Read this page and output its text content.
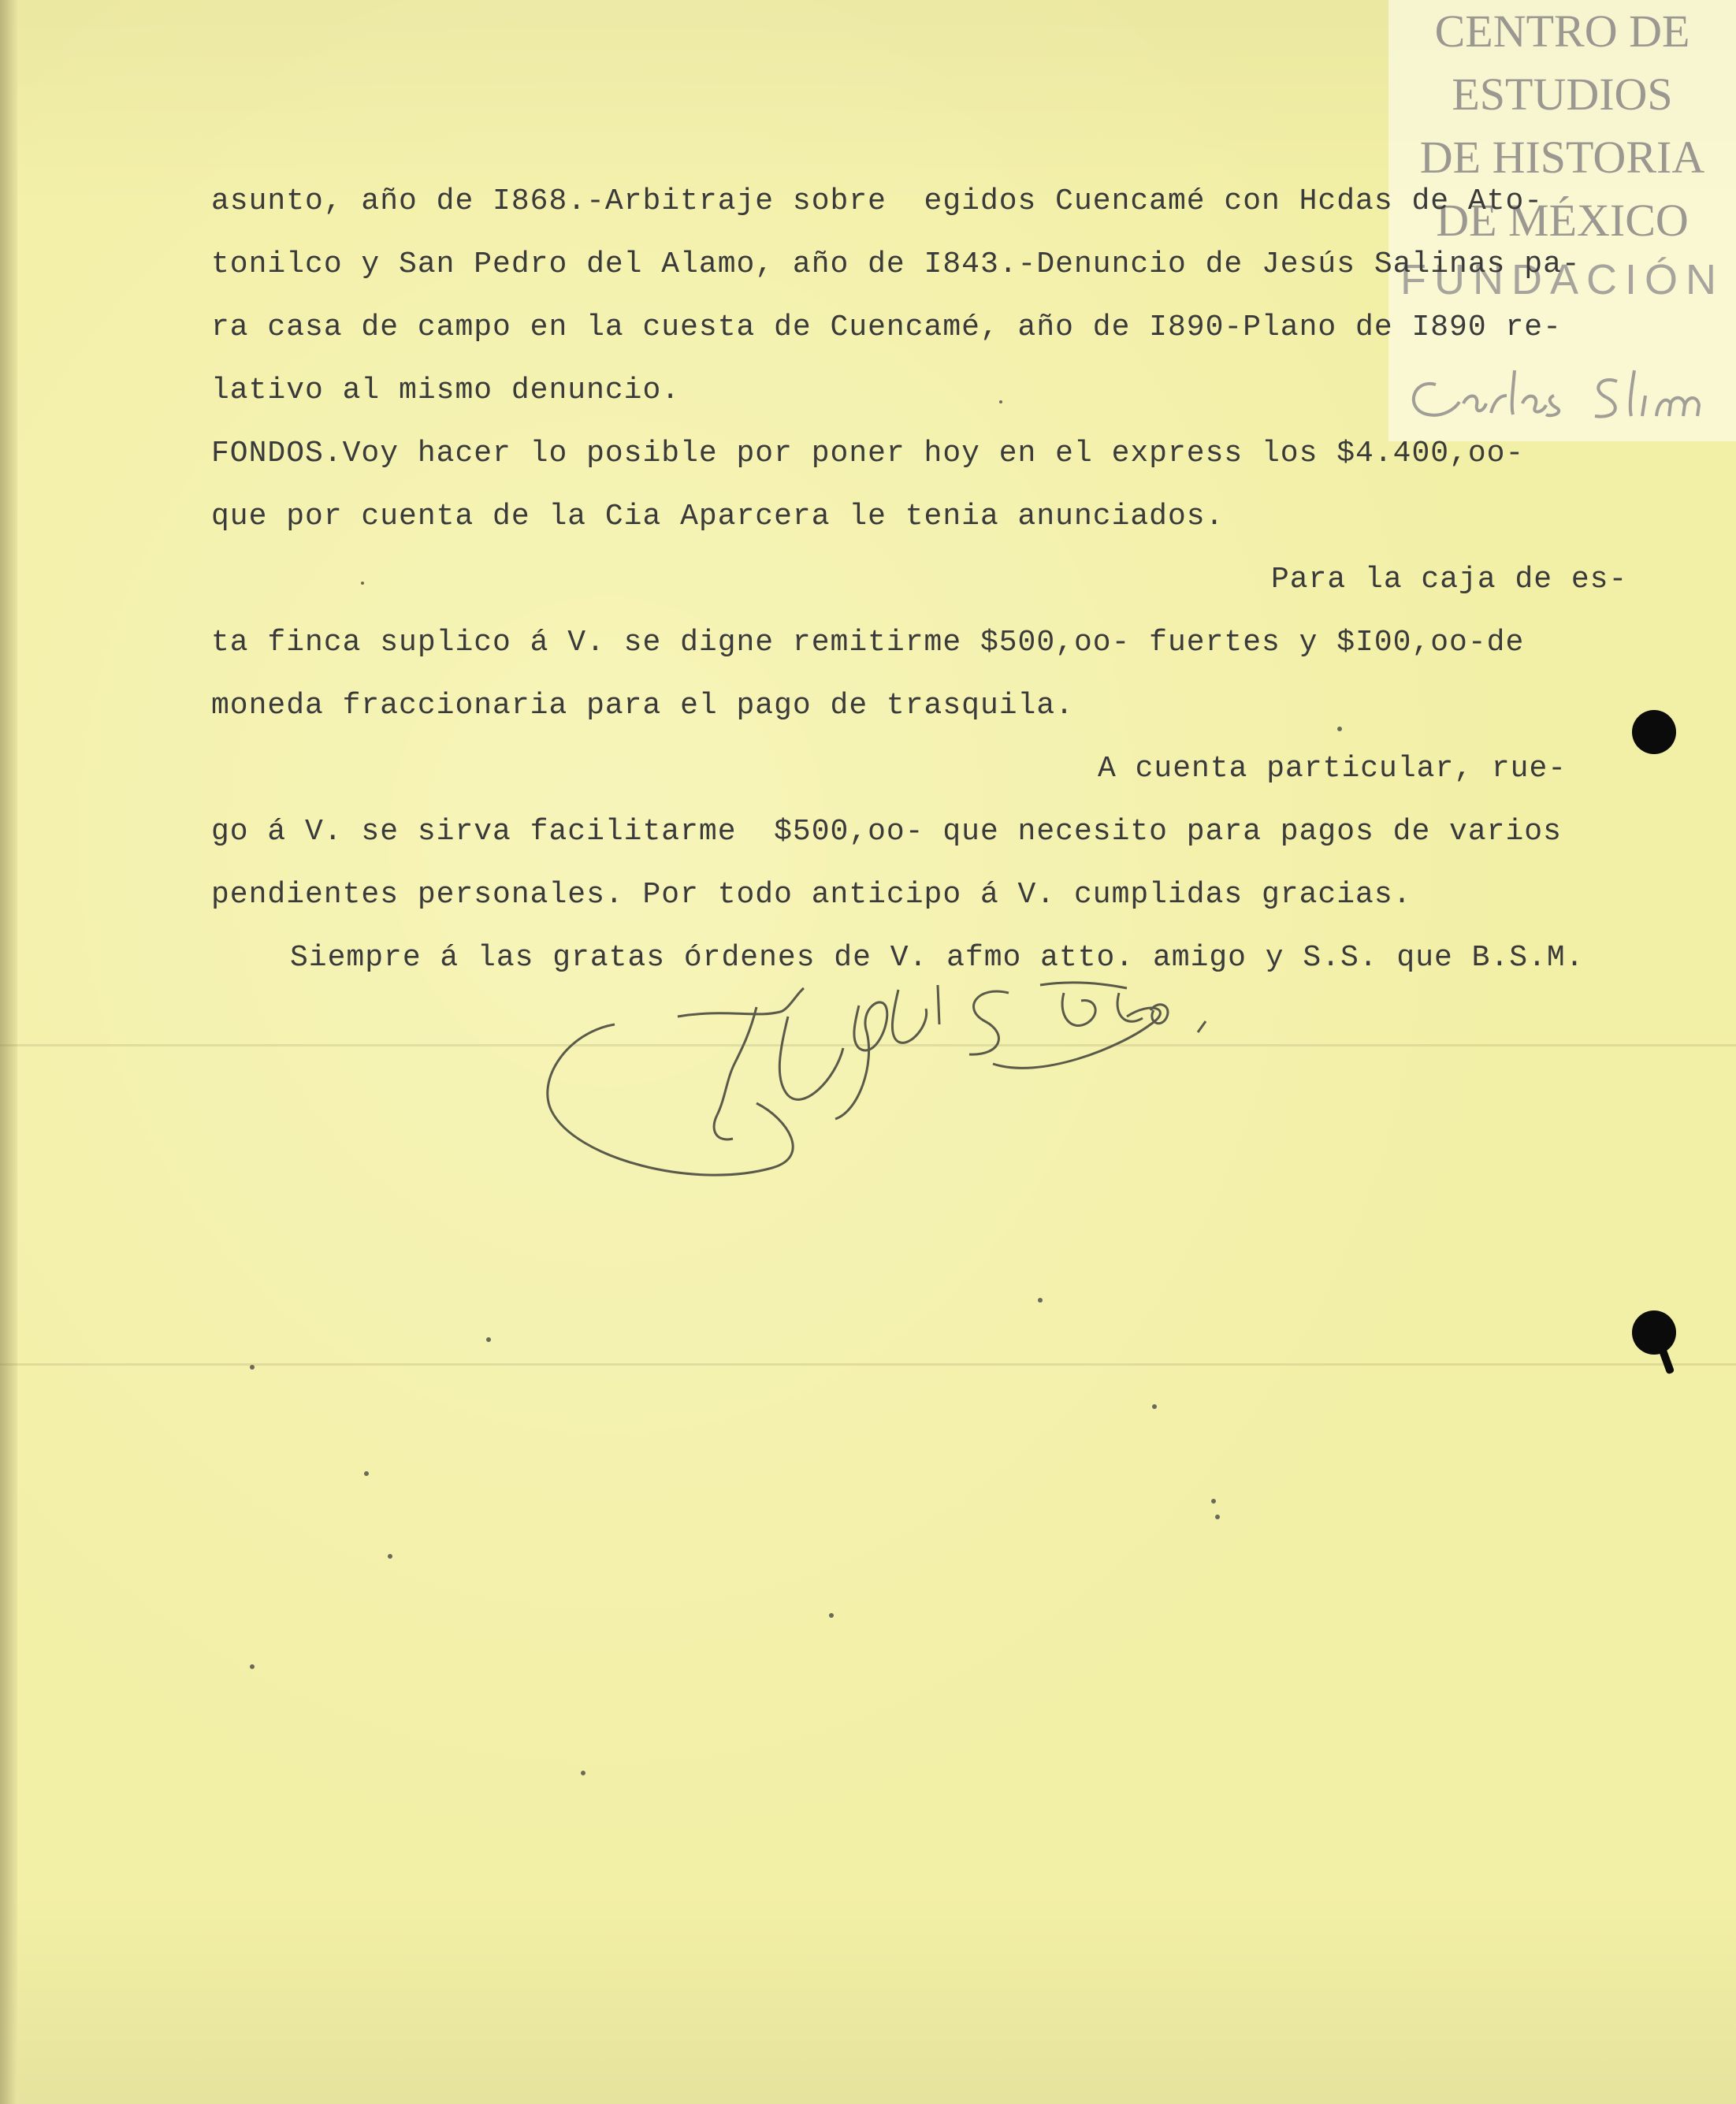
CENTRO DE
ESTUDIOS
DE HISTORIA
DE MÉXICO
FUNDACIÓN
asunto, año de I868.-Arbitraje sobre  egidos Cuencamé con Hcdas de Ato-
tonilco y San Pedro del Alamo, año de I843.-Denuncio de Jesús Salinas pa-
ra casa de campo en la cuesta de Cuencamé, año de I890-Plano de I890 re-
lativo al mismo denuncio.
FONDOS.Voy hacer lo posible por poner hoy en el express los $4.400,oo-
que por cuenta de la Cia Aparcera le tenia anunciados.
Para la caja de es-
ta finca suplico á V. se digne remitirme $500,oo- fuertes y $I00,oo-de
moneda fraccionaria para el pago de trasquila.
A cuenta particular, rue-
go á V. se sirva facilitarme  $500,oo- que necesito para pagos de varios
pendientes personales. Por todo anticipo á V. cumplidas gracias.
Siempre á las gratas órdenes de V. afmo atto. amigo y S.S. que B.S.M.
